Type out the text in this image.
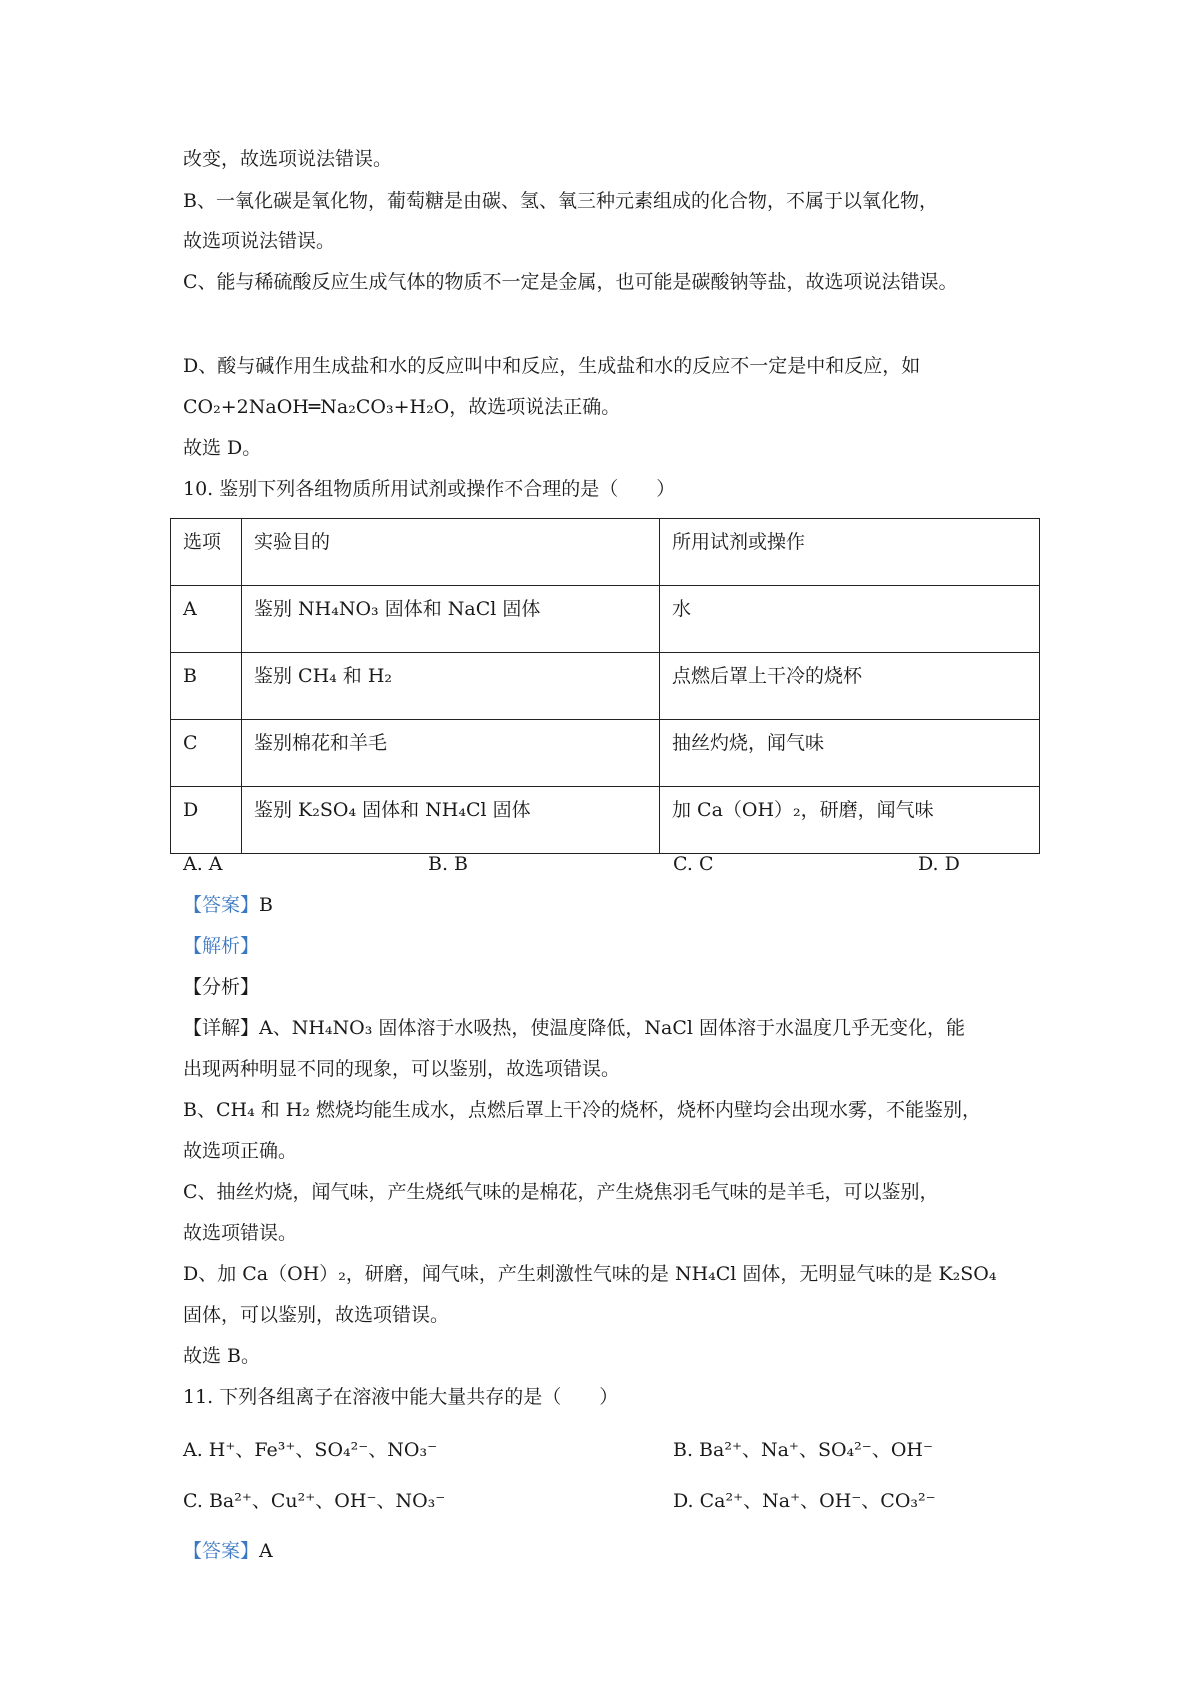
改变，故选项说法错误。
B、一氧化碳是氧化物，葡萄糖是由碳、氢、氧三种元素组成的化合物，不属于以氧化物，
故选项说法错误。
C、能与稀硫酸反应生成气体的物质不一定是金属，也可能是碳酸钠等盐，故选项说法错误。
D、酸与碱作用生成盐和水的反应叫中和反应，生成盐和水的反应不一定是中和反应，如
CO₂+2NaOH═Na₂CO₃+H₂O，故选项说法正确。
故选 D。
10. 鉴别下列各组物质所用试剂或操作不合理的是（　　）
选项	实验目的	所用试剂或操作
A	鉴别 NH₄NO₃ 固体和 NaCl 固体	水
B	鉴别 CH₄ 和 H₂	点燃后罩上干冷的烧杯
C	鉴别棉花和羊毛	抽丝灼烧，闻气味
D	鉴别 K₂SO₄ 固体和 NH₄Cl 固体	加 Ca（OH）₂，研磨，闻气味
A. A	B. B	C. C	D. D
【答案】B
【解析】
【分析】
【详解】A、NH₄NO₃ 固体溶于水吸热，使温度降低，NaCl 固体溶于水温度几乎无变化，能
出现两种明显不同的现象，可以鉴别，故选项错误。
B、CH₄ 和 H₂ 燃烧均能生成水，点燃后罩上干冷的烧杯，烧杯内壁均会出现水雾，不能鉴别，
故选项正确。
C、抽丝灼烧，闻气味，产生烧纸气味的是棉花，产生烧焦羽毛气味的是羊毛，可以鉴别，
故选项错误。
D、加 Ca（OH）₂，研磨，闻气味，产生刺激性气味的是 NH₄Cl 固体，无明显气味的是 K₂SO₄
固体，可以鉴别，故选项错误。
故选 B。
11. 下列各组离子在溶液中能大量共存的是（　　）
A. H⁺、Fe³⁺、SO₄²⁻、NO₃⁻	B. Ba²⁺、Na⁺、SO₄²⁻、OH⁻
C. Ba²⁺、Cu²⁺、OH⁻、NO₃⁻	D. Ca²⁺、Na⁺、OH⁻、CO₃²⁻
【答案】A
